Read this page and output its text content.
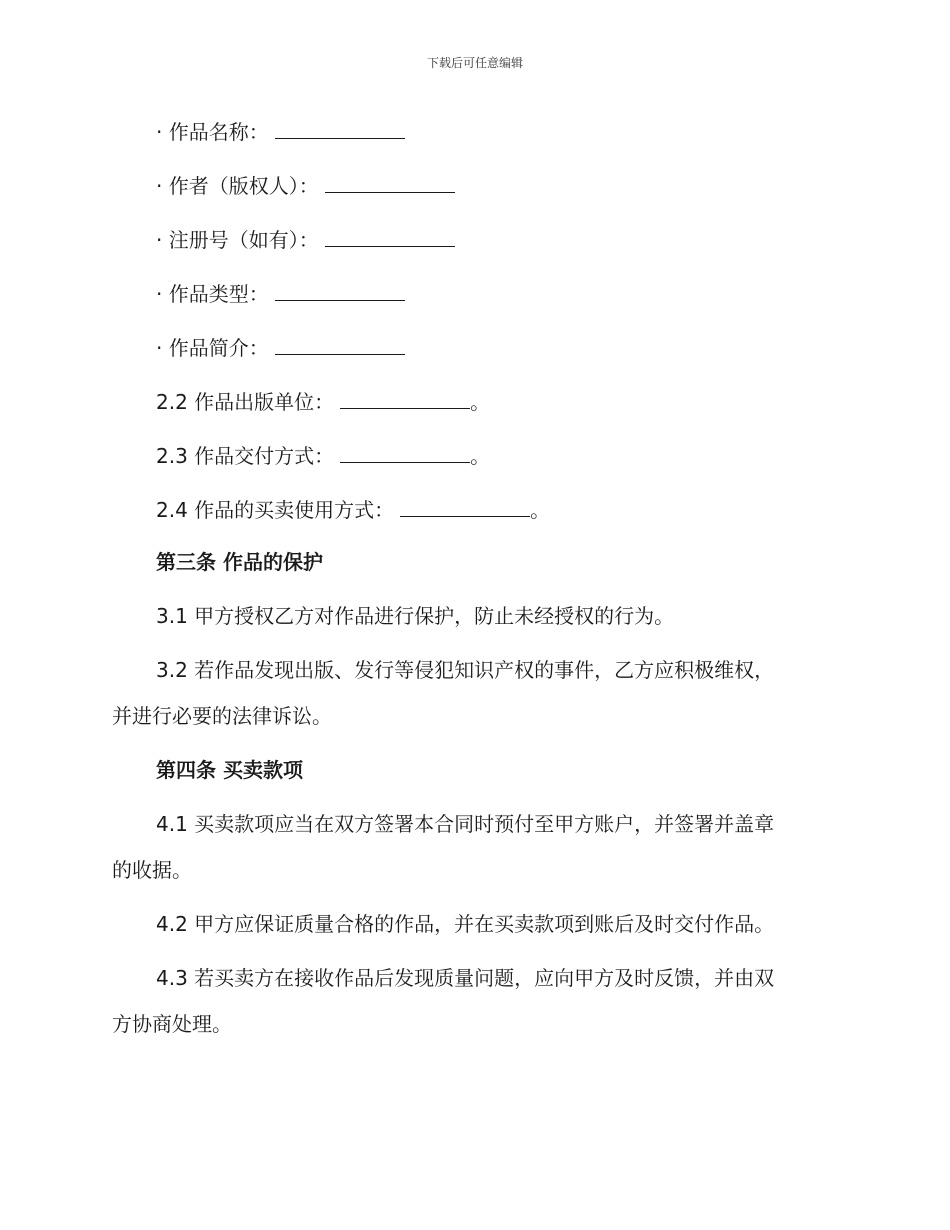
下载后可任意编辑
· 作品名称：
· 作者（版权人）：
· 注册号（如有）：
· 作品类型：
· 作品简介：
2.2 作品出版单位：	。
2.3 作品交付方式：	。
2.4 作品的买卖使用方式：	。
第三条 作品的保护
3.1 甲方授权乙方对作品进行保护，防止未经授权的行为。
3.2 若作品发现出版、发行等侵犯知识产权的事件，乙方应积极维权，
并进行必要的法律诉讼。
第四条 买卖款项
4.1 买卖款项应当在双方签署本合同时预付至甲方账户，并签署并盖章
的收据。
4.2 甲方应保证质量合格的作品，并在买卖款项到账后及时交付作品。
4.3 若买卖方在接收作品后发现质量问题，应向甲方及时反馈，并由双
方协商处理。
